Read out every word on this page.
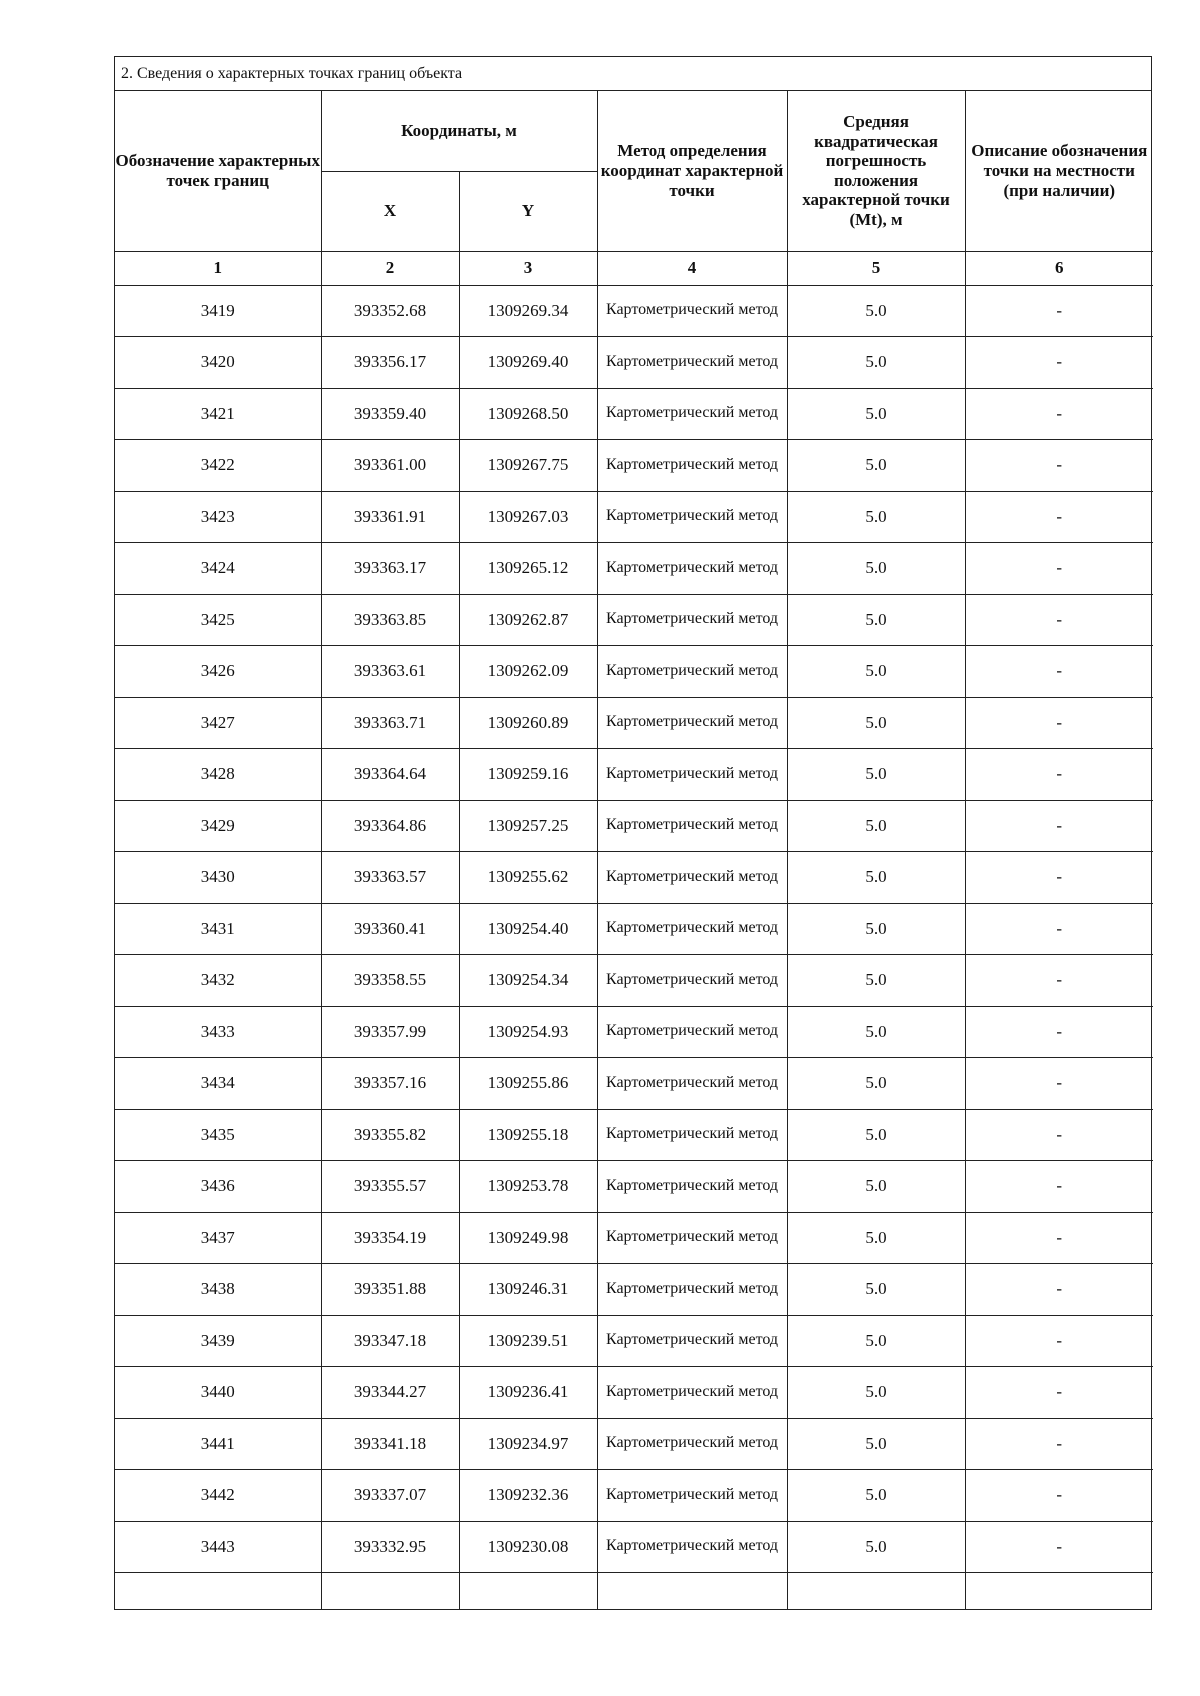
2. Сведения о характерных точках границ объекта
Обозначение характерных точек границ	Координаты, м		Метод определения координат характерной точки	Средняя квадратическая погрешность положения характерной точки (Mt), м	Описание обозначения точки на местности (при наличии)
	X	Y			
1	2	3	4	5	6
3419	393352.68	1309269.34	Картометрический метод	5.0	-
3420	393356.17	1309269.40	Картометрический метод	5.0	-
3421	393359.40	1309268.50	Картометрический метод	5.0	-
3422	393361.00	1309267.75	Картометрический метод	5.0	-
3423	393361.91	1309267.03	Картометрический метод	5.0	-
3424	393363.17	1309265.12	Картометрический метод	5.0	-
3425	393363.85	1309262.87	Картометрический метод	5.0	-
3426	393363.61	1309262.09	Картометрический метод	5.0	-
3427	393363.71	1309260.89	Картометрический метод	5.0	-
3428	393364.64	1309259.16	Картометрический метод	5.0	-
3429	393364.86	1309257.25	Картометрический метод	5.0	-
3430	393363.57	1309255.62	Картометрический метод	5.0	-
3431	393360.41	1309254.40	Картометрический метод	5.0	-
3432	393358.55	1309254.34	Картометрический метод	5.0	-
3433	393357.99	1309254.93	Картометрический метод	5.0	-
3434	393357.16	1309255.86	Картометрический метод	5.0	-
3435	393355.82	1309255.18	Картометрический метод	5.0	-
3436	393355.57	1309253.78	Картометрический метод	5.0	-
3437	393354.19	1309249.98	Картометрический метод	5.0	-
3438	393351.88	1309246.31	Картометрический метод	5.0	-
3439	393347.18	1309239.51	Картометрический метод	5.0	-
3440	393344.27	1309236.41	Картометрический метод	5.0	-
3441	393341.18	1309234.97	Картометрический метод	5.0	-
3442	393337.07	1309232.36	Картометрический метод	5.0	-
3443	393332.95	1309230.08	Картометрический метод	5.0	-
